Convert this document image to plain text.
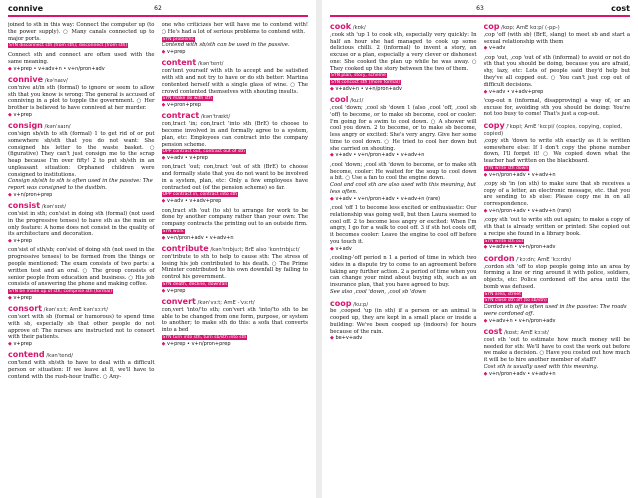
connive	62
joined to sth in this way: Connect the computer up (to the power supply). ○ Many canals connected up to major ports.
SYN disconnect sth (from sth); disconnect (from sth)
Connect sth and connect are often used with the same meaning.
◆ v+prep • v+adv+n • v+n/pron+adv
connive /kəˈnaɪv/
con'nive at/in sth (formal) to ignore or seem to allow sth that you know is wrong: The general is accused of conniving in a plot to topple the government. ○ Her brother is believed to have connived at her murder.
◆ v+prep
consign /kənˈsaɪn/
con'sign sb/sth to sth (formal) 1 to get rid of or put somewhere sb/sth that you do not want: She consigned his letter to the waste basket. ○ (figurative) They can't just consign me to the scrap heap because I'm over fifty! 2 to put sb/sth in an unpleasant situation: Orphaned children were consigned to institutions.

Consign sb/sth to sth is often used in the passive: The report was consigned to the dustbin.

◆ v+n/pron+prep
consist /kənˈsɪst/
con'sist in sth; con'sist in doing sth (formal) (not used in the progressive tenses) to have sth as the main or only feature: A home does not consist in the quality of its architecture and decoration.
◆ v+prep
con'sist of sth/sb; con'sist of doing sth (not used in the progressive tenses) to be formed from the things or people mentioned: The exam consists of two parts: a written test and an oral. ○ The group consists of senior people from education and business. ○ His job consists of answering the phone and making coffee.
SYN be made up of sth; comprise sth (formal)
◆ v+prep
consort /kənˈsɔːt; AmE kənˈsɔːrt/
con'sort with sb (formal or humorous) to spend time with sb, especially sb that other people do not approve of: The nurses are instructed not to consort with their patients.
◆ v+prep
contend /kənˈtend/
con'tend with sb/sth to have to deal with a difficult person or situation: If we leave at 8, we'll have to contend with the rush-hour traffic. ○ Any-
one who criticizes her will have me to contend with! ○ He's had a lot of serious problems to contend with.
SYN problems

Contend with sb/sth can be used in the passive.

◆ v+prep
content /kənˈtent/
con'tent yourself with sth to accept and be satisfied with sth and not try to have or do sth better: Martina contented herself with a single glass of wine. ○ The crowd contented themselves with shouting insults.
SYN make do with sth
◆ v+pron+prep
contract /kənˈtrækt/
con,tract 'in; con,tract 'into sth (BrE) to choose to become involved in and formally agree to a system, plan, etc: Employees can contract into the company pension scheme.
OPP contract out, contract out of sth
◆ v+adv • v+prep
con,tract 'out; con,tract 'out of sth (BrE) to choose and formally state that you do not want to be involved in a system, plan, etc: Only a few employees have contracted out (of the pension scheme) so far.
OPP contract in, contract into sth
◆ v+adv • v+adv+prep
con,tract sth 'out (to sb) to arrange for work to be done by another company rather than your own: The company contracts the printing out to an outside firm.
SYN work
◆ v+n/pron+adv • v+adv+n
contribute /kənˈtrɪbjuːt; BrE also ˈkɒntrɪbjuːt/
con'tribute to sth to help to cause sth: The stress of losing his job contributed to his death. ○ The Prime Minister contributed to his own downfall by failing to control his government.
SYN death, decline, downfall
◆ v+prep
convert /kənˈvɜːt; AmE -ˈvɜːrt/
con,vert 'into/'to sth; con'vert sth 'into/'to sth to be able to be changed from one form, purpose, or system to another; to make sth do this: a sofa that converts into a bed
SYN turn into sth, turn sb/sth into sth
◆ v+prep • v+n/pron+prep
63	cost
cook /kʊk/
,cook sth 'up 1 to cook sth, especially very quickly: In half an hour she had managed to cook up some delicious chilli. 2 (informal) to invent a story, an excuse or a plan, especially a very clever or dishonest one: She cooked the plan up while he was away. ○ They cooked up the story between the two of them.
SYN plan, story, scheme
SYN concoct sth (more formal)
◆ v+adv+n • v+n/pron+adv
cool /kuːl/
,cool 'down; ,cool sb 'down 1 (also ,cool 'off, ,cool sb 'off) to become, or to make sb become, cool or cooler: I'm going for a swim to cool down. ○ A shower will cool you down. 2 to become, or to make sb become, less angry or excited: She's very angry. Give her some time to cool down. ○ He tried to cool her down but she carried on shouting.
◆ v+adv • v+n/pron+adv • v+adv+n
,cool 'down; ,cool sth 'down to become, or to make sth become, cooler: He waited for the soup to cool down a bit. ○ Use a fan to cool the engine down.

Cool and cool sth are also used with this meaning, but less often.

◆ v+adv • v+n/pron+adv • v+adv+n (rare)
,cool 'off 1 to become less excited or enthusiastic: Our relationship was going well, but then Laura seemed to cool off. 2 to become less angry or excited: When I'm angry, I go for a walk to cool off. 3 if sth hot cools off, it becomes cooler: Leave the engine to cool off before you touch it.
◆ v+adv
,cooling-'off period n 1 a period of time in which two sides in a dispute try to come to an agreement before taking any further action. 2 a period of time when you can change your mind about buying sth, such as an insurance plan, that you have agreed to buy.

See also ,cool 'down, ,cool sb 'down

coop /kuːp/
be ,cooped 'up (in sth) if a person or an animal is cooped up, they are kept in a small place or inside a building: We've been cooped up (indoors) for hours because of the rain.
◆ be+v+adv
cop /kɒp; AmE kɑːp/ (-pp-)
,cop 'off (with sb) (BrE, slang) to meet sb and start a sexual relationship with them
◆ v+adv
,cop 'out, ,cop 'out of sth (informal) to avoid or not do sth that you should be doing, because you are afraid, shy, lazy, etc: Lots of people said they'd help but they've all copped out. ○ You can't just cop out of difficult decisions.
◆ v+adv • v+adv+prep
'cop-out n (informal, disapproving) a way of, or an excuse for, avoiding sth you should be doing: You're not too busy to come! That's just a cop-out.
copy /ˈkɒpi; AmE ˈkɑːpi/ (copies, copying, copied, copied)
,copy sth 'down to write sth exactly as it is written somewhere else: If I don't copy the phone number down, I'll forget it! ○ We copied down what the teacher had written on the blackboard.
SYN write sth down
◆ v+n/pron+adv • v+adv+n
,copy sb 'in (on sth) to make sure that sb receives a copy of a letter, an electronic message, etc. that you are sending to sb else: Please copy me in on all correspondence.
◆ v+n/pron+adv • v+adv+n (rare)
,copy sth 'out to write sth out again; to make a copy of sth that is already written or printed: She copied out a recipe she found in a library book.
SYN write sth out
◆ v+adv+n • v+n/pron+adv
cordon /ˈkɔːdn; AmE ˈkɔːrdn/
,cordon sth 'off to stop people going into an area by forming a line or ring around it with police, soldiers, objects, etc: Police cordoned off the area until the bomb was defused.
SYN area, street
SYN close sth off (to sb/sth)

Cordon sth off is often used in the passive: The roads were cordoned off.

◆ v+adv+n • v+n/pron+adv
cost /kɒst; AmE kɔːst/
cost sth 'out to estimate how much money will be needed for sth: We'll have to cost the work out before we make a decision. ○ Have you costed out how much it will be to hire another member of staff?

Cost sth is usually used with this meaning.

◆ v+n/pron+adv • v+adv+n
